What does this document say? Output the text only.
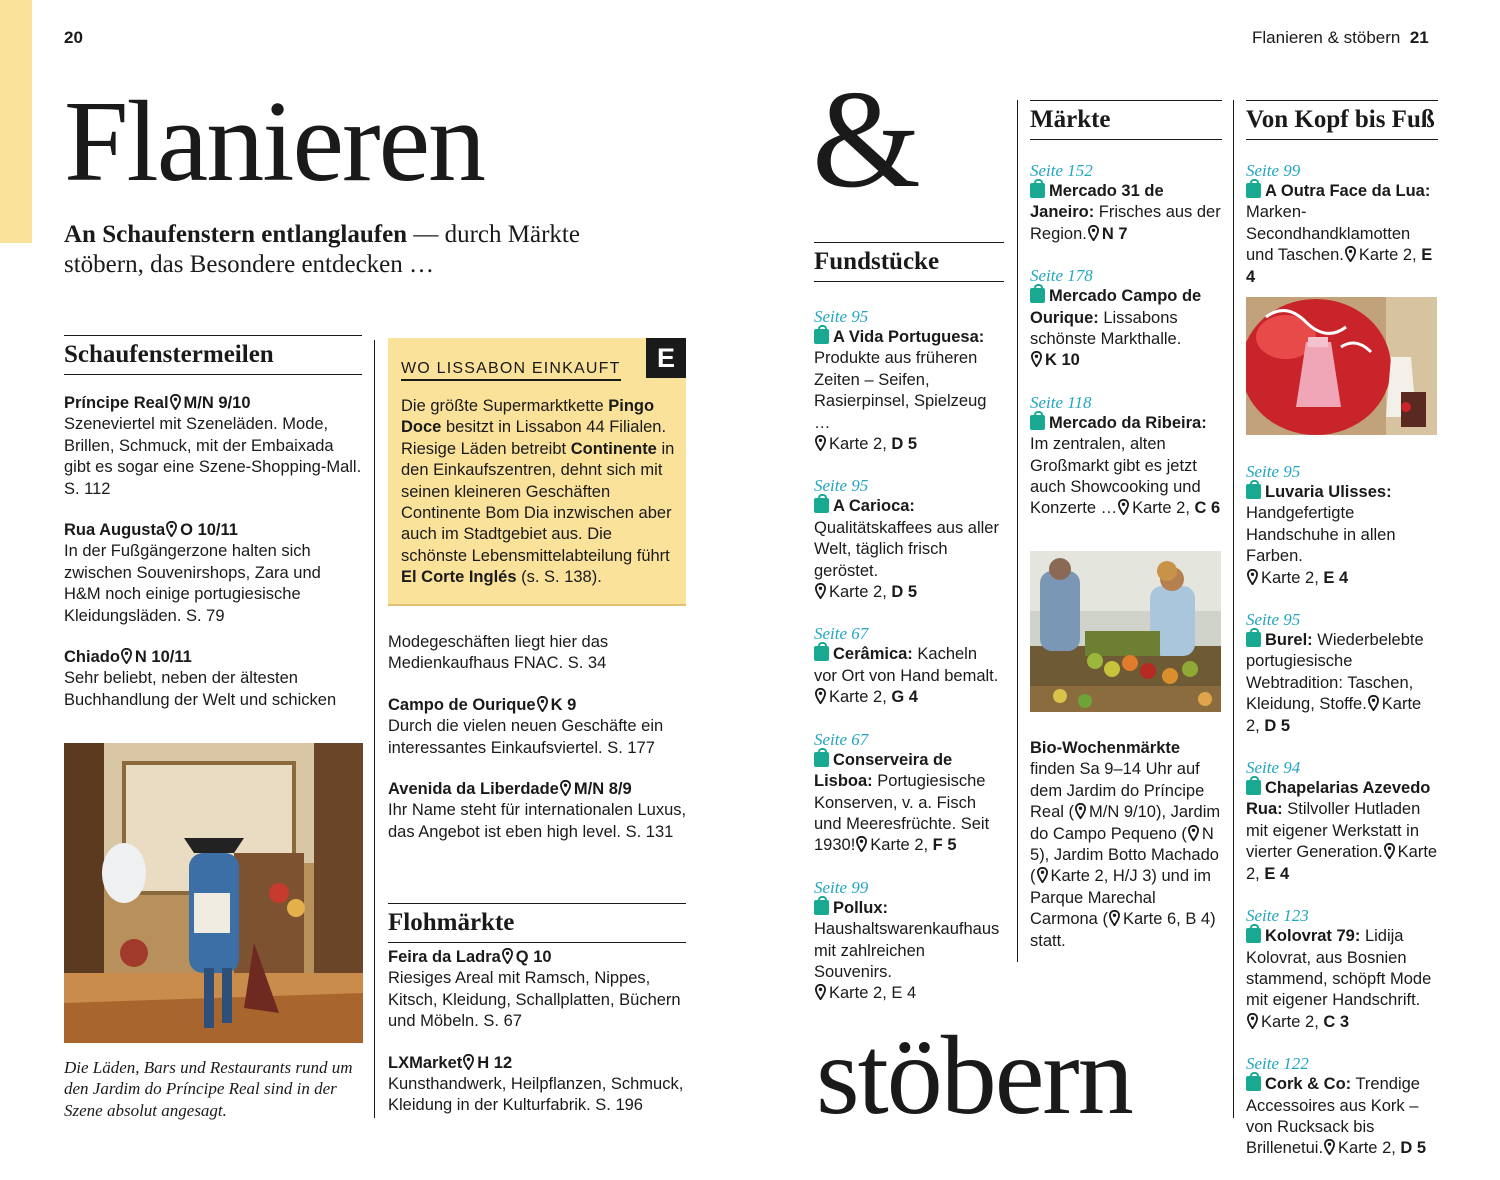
20
Flanieren
An Schaufenstern entlanglaufen — durch Märkte stöbern, das Besondere entdecken …
Schaufenstermeilen
Príncipe Real M/N 9/10
Szeneviertel mit Szeneläden. Mode, Brillen, Schmuck, mit der Embaixada gibt es sogar eine Szene-Shopping-Mall. S. 112
Rua Augusta O 10/11
In der Fußgängerzone halten sich zwischen Souvenirshops, Zara und H&M noch einige portugiesische Kleidungsläden. S. 79
Chiado N 10/11
Sehr beliebt, neben der ältesten Buchhandlung der Welt und schicken
Die Läden, Bars und Restaurants rund um den Jardim do Príncipe Real sind in der Szene absolut angesagt.
E
WO LISSABON EINKAUFT
Die größte Supermarktkette Pingo Doce besitzt in Lissabon 44 Filialen. Riesige Läden betreibt Continente in den Einkaufszentren, dehnt sich mit seinen kleineren Geschäften Continente Bom Dia inzwischen aber auch im Stadtgebiet aus. Die schönste Lebensmittelabteilung führt El Corte Inglés (s. S. 138).
Modegeschäften liegt hier das Medienkaufhaus FNAC. S. 34
Campo de Ourique K 9
Durch die vielen neuen Geschäfte ein interessantes Einkaufsviertel. S. 177
Avenida da Liberdade M/N 8/9
Ihr Name steht für internationalen Luxus, das Angebot ist eben high level. S. 131
Flohmärkte
Feira da Ladra Q 10
Riesiges Areal mit Ramsch, Nippes, Kitsch, Kleidung, Schallplatten, Büchern und Möbeln. S. 67
LXMarket H 12
Kunsthandwerk, Heilpflanzen, Schmuck, Kleidung in der Kulturfabrik. S. 196
Flanieren & stöbern 21
&
stöbern
Fundstücke
Seite 95
A Vida Portuguesa: Produkte aus früheren Zeiten – Seifen, Rasierpinsel, Spielzeug …
Karte 2, D 5
Seite 95
A Carioca: Qualitätskaffees aus aller Welt, täglich frisch geröstet.
Karte 2, D 5
Seite 67
Cerâmica: Kacheln vor Ort von Hand bemalt.
Karte 2, G 4
Seite 67
Conserveira de Lisboa: Portugiesische Konserven, v. a. Fisch und Meeresfrüchte. Seit 1930! Karte 2, F 5
Seite 99
Pollux: Haushaltswarenkaufhaus mit zahlreichen Souvenirs.
Karte 2, E 4
Märkte
Seite 152
Mercado 31 de Janeiro: Frisches aus der Region. N 7
Seite 178
Mercado Campo de Ourique: Lissabons schönste Markthalle.
K 10
Seite 118
Mercado da Ribeira: Im zentralen, alten Großmarkt gibt es jetzt auch Showcooking und Konzerte … Karte 2, C 6
Bio-Wochenmärkte
finden Sa 9–14 Uhr auf dem Jardim do Príncipe Real ( M/N 9/10), Jardim do Campo Pequeno ( N 5), Jardim Botto Machado ( Karte 2, H/J 3) und im Parque Marechal Carmona ( Karte 6, B 4) statt.
Von Kopf bis Fuß
Seite 99
A Outra Face da Lua: Marken-Secondhandklamotten und Taschen. Karte 2, E 4
Seite 95
Luvaria Ulisses: Handgefertigte Handschuhe in allen Farben.
Karte 2, E 4
Seite 95
Burel: Wiederbelebte portugiesische Webtradition: Taschen, Kleidung, Stoffe. Karte 2, D 5
Seite 94
Chapelarias Azevedo Rua: Stilvoller Hutladen mit eigener Werkstatt in vierter Generation. Karte 2, E 4
Seite 123
Kolovrat 79: Lidija Kolovrat, aus Bosnien stammend, schöpft Mode mit eigener Handschrift.
Karte 2, C 3
Seite 122
Cork & Co: Trendige Accessoires aus Kork – von Rucksack bis Brillenetui. Karte 2, D 5
